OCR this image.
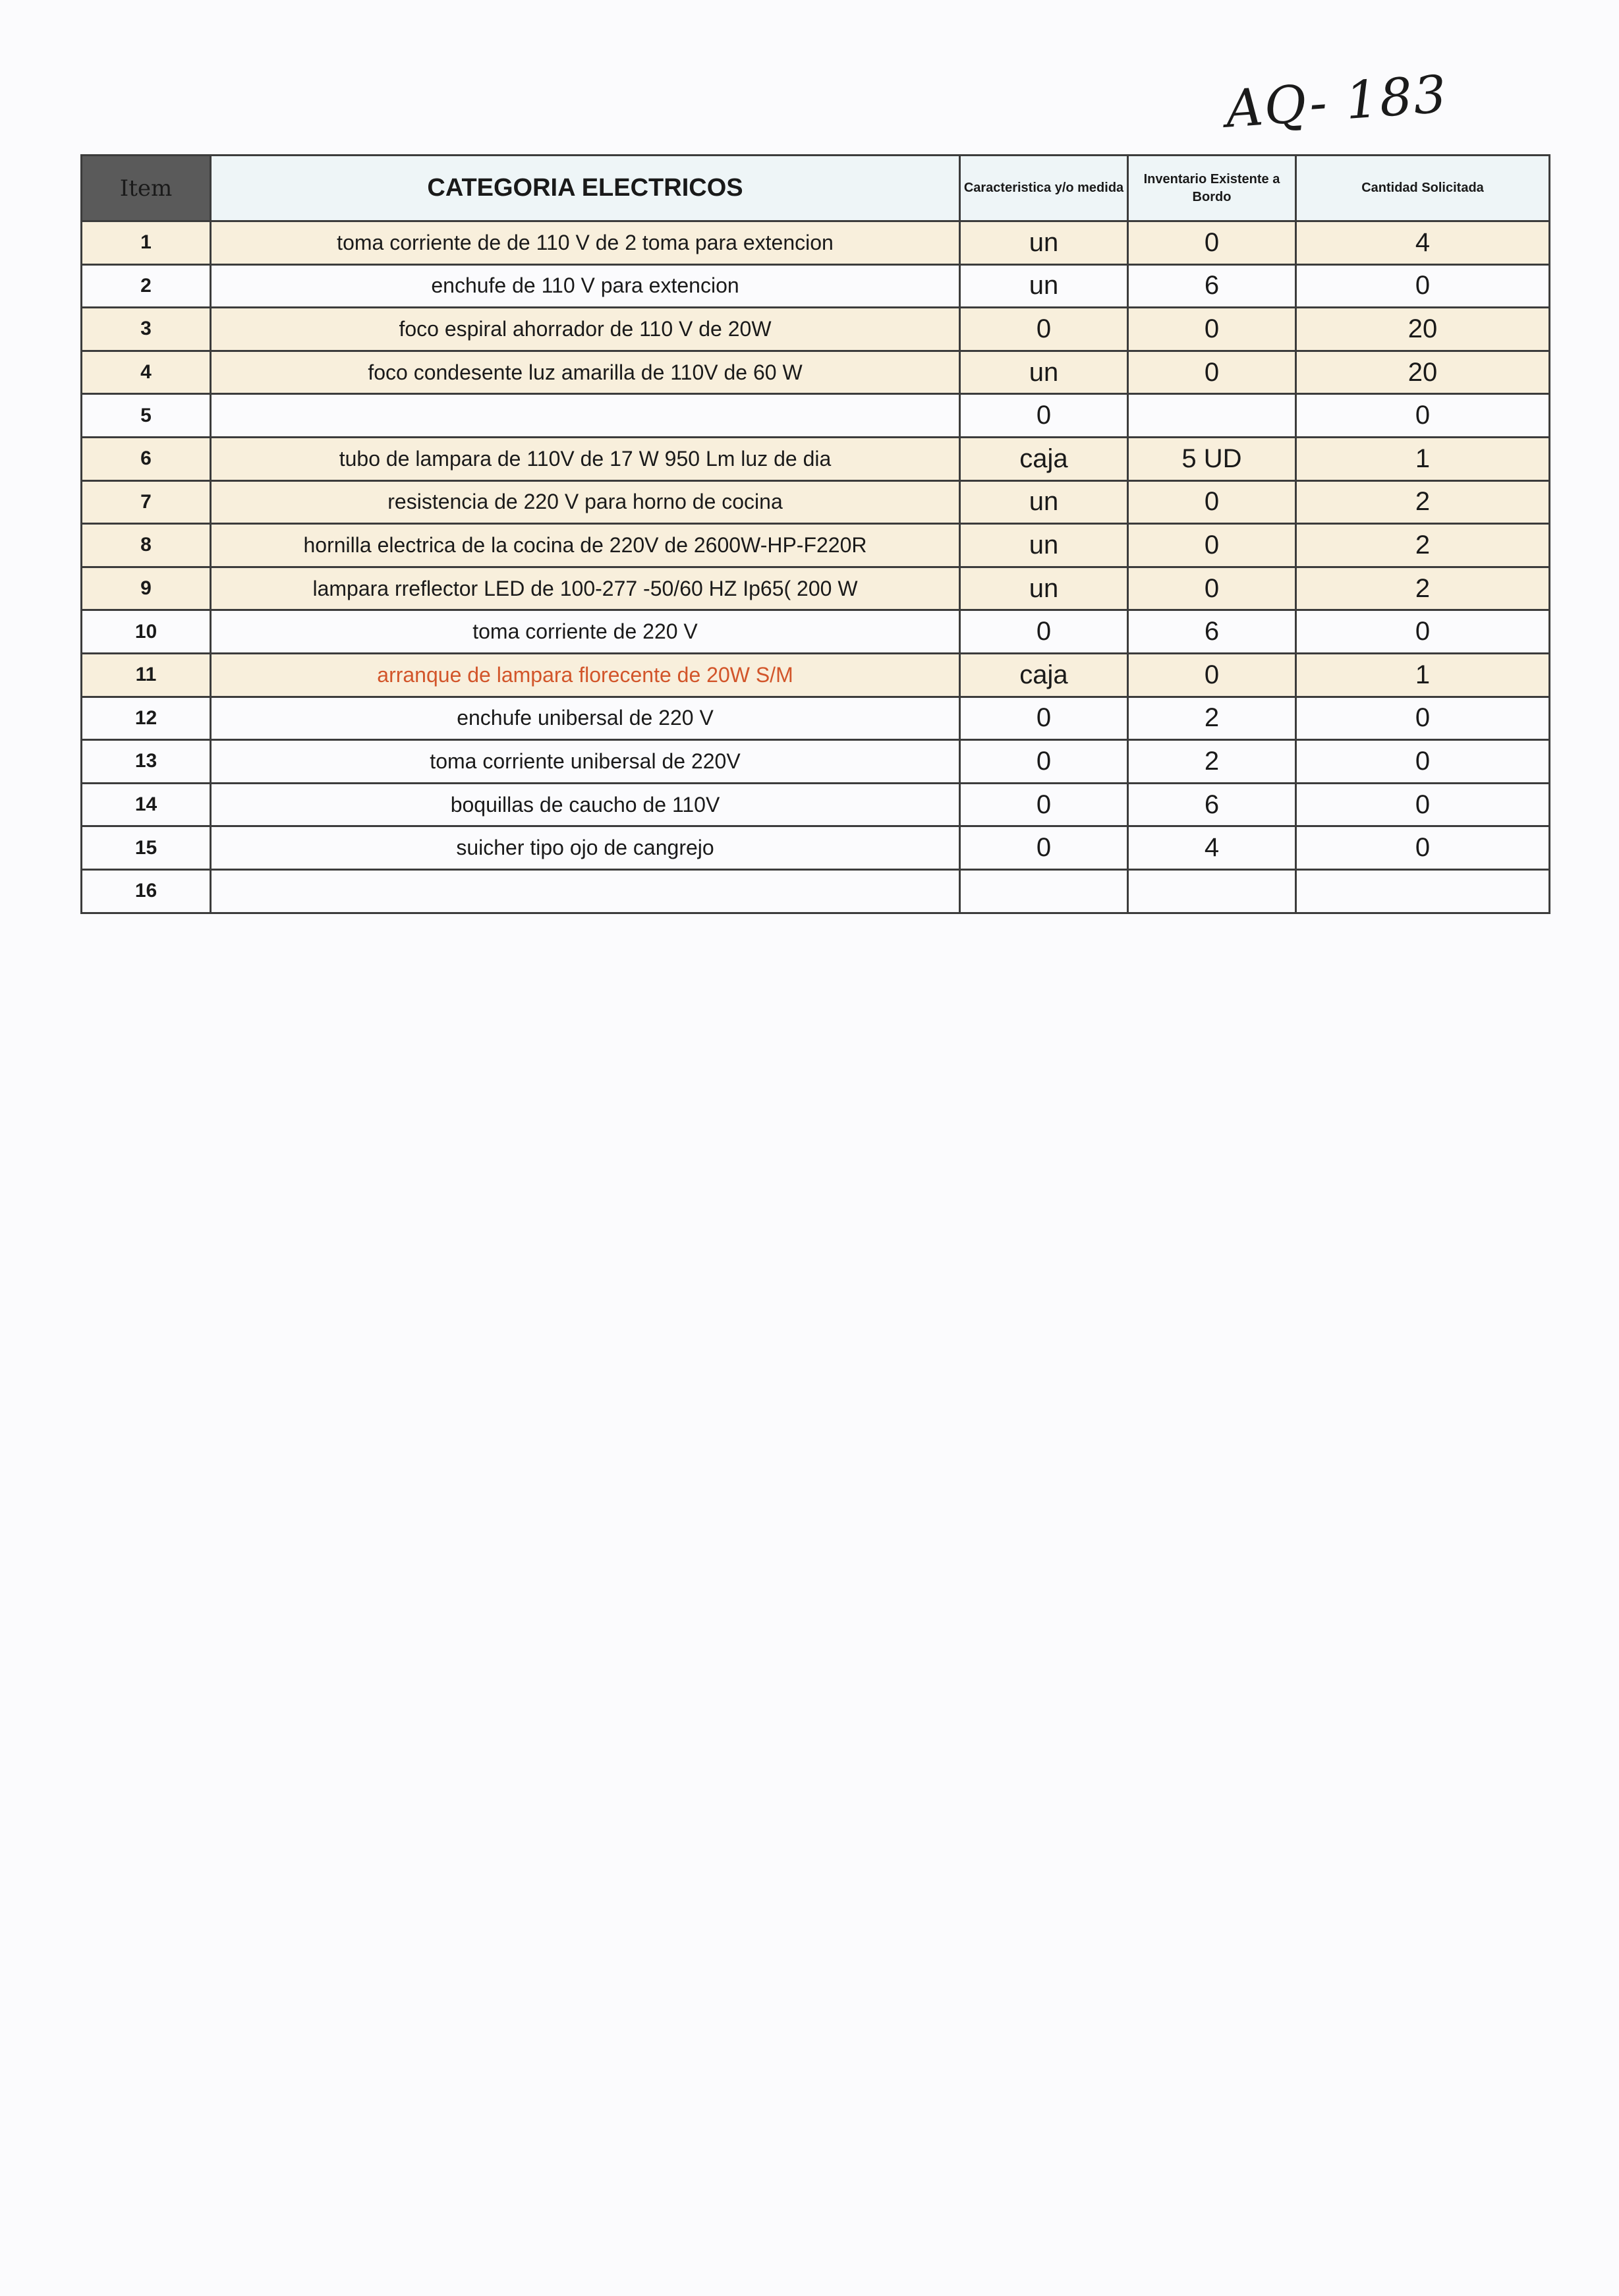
AQ- 183
Item	CATEGORIA ELECTRICOS	Caracteristica y/o medida	Inventario Existente a Bordo	Cantidad Solicitada
1	toma corriente de de 110 V de 2 toma para extencion	un	0	4
2	enchufe de 110 V para extencion	un	6	0
3	foco espiral ahorrador de 110 V de 20W	0	0	20
4	foco condesente luz amarilla de 110V de 60 W	un	0	20
5		0		0
6	tubo de lampara de 110V de 17 W 950 Lm luz de dia	caja	5 UD	1
7	resistencia de 220 V para horno de cocina	un	0	2
8	hornilla electrica de la cocina de 220V de 2600W-HP-F220R	un	0	2
9	lampara rreflector LED de 100-277 -50/60 HZ Ip65( 200 W	un	0	2
10	toma corriente de 220 V	0	6	0
11	arranque de lampara florecente de 20W S/M	caja	0	1
12	enchufe unibersal de 220 V	0	2	0
13	toma corriente unibersal de 220V	0	2	0
14	boquillas de caucho de 110V	0	6	0
15	suicher tipo ojo de cangrejo	0	4	0
16				
